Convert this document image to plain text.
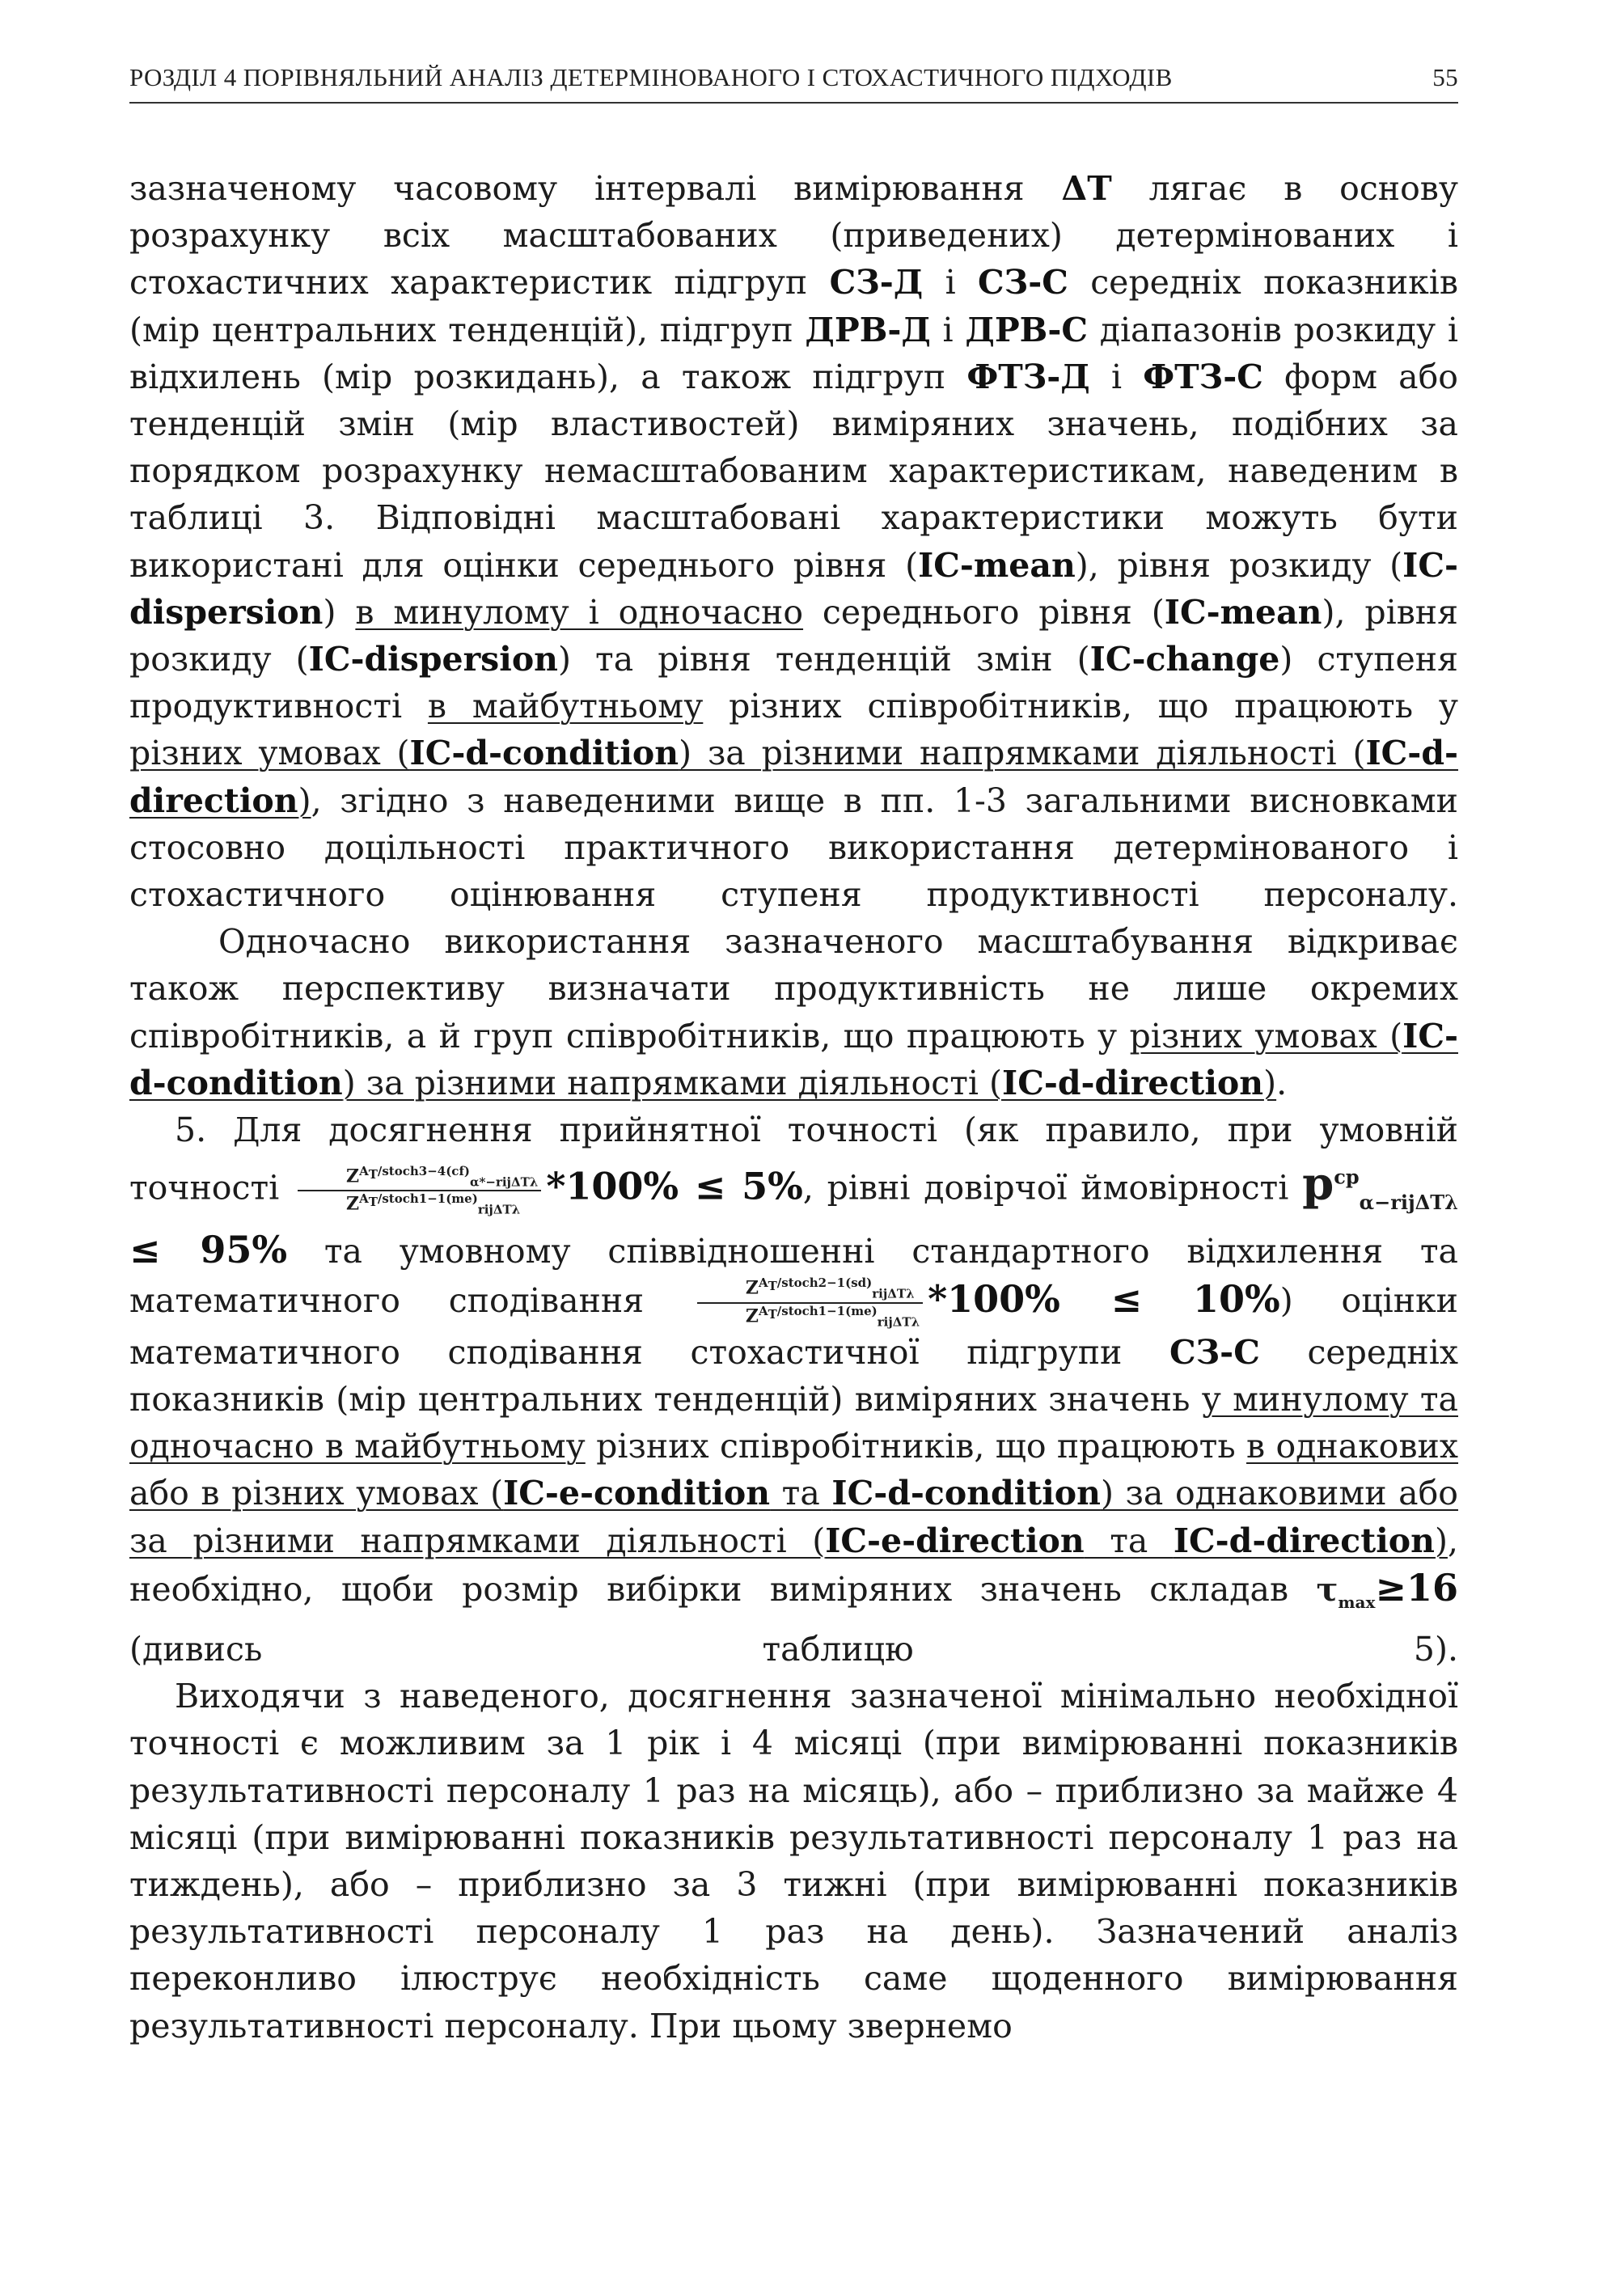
РОЗДІЛ 4 ПОРІВНЯЛЬНИЙ АНАЛІЗ ДЕТЕРМІНОВАНОГО І СТОХАСТИЧНОГО ПІДХОДІВ	55

зазначеному часовому інтервалі вимірювання ΔT лягає в основу розрахунку всіх масштабованих (приведених) детермінованих і стохастичних характеристик підгруп СЗ-Д і СЗ-С середніх показників (мір центральних тенденцій), підгруп ДРВ-Д і ДРВ-С діапазонів розкиду і відхилень (мір розкидань), а також підгруп ФТЗ-Д і ФТЗ-С форм або тенденцій змін (мір властивостей) виміряних значень, подібних за порядком розрахунку немасштабованим характеристикам, наведеним в таблиці 3. Відповідні масштабовані характеристики можуть бути використані для оцінки середнього рівня (IC-mean), рівня розкиду (IC-dispersion) в минулому і одночасно середнього рівня (IC-mean), рівня розкиду (IC-dispersion) та рівня тенденцій змін (IC-change) ступеня продуктивності в майбутньому різних співробітників, що працюють у різних умовах (IC-d-condition) за різними напрямками діяльності (IC-d-direction), згідно з наведеними вище в пп. 1-3 загальними висновками стосовно доцільності практичного використання детермінованого і стохастичного оцінювання ступеня продуктивності персоналу.

Одночасно використання зазначеного масштабування відкриває також перспективу визначати продуктивність не лише окремих співробітників, а й груп співробітників, що працюють у різних умовах (IC-d-condition) за різними напрямками діяльності (IC-d-direction).

5. Для досягнення прийнятної точності (як правило, при умовній точності $\frac{Z^{A_T/stoch3-4(cf)}_{\alpha*-rij\Delta T\lambda}}{Z^{A_T/stoch1-1(me)}_{rij\Delta T\lambda}} *100\% \le 5\%$, рівні довірчої ймовірності $p^{cp}_{\alpha-rij\Delta T\lambda} \le 95\%$ та умовному співвідношенні стандартного відхилення та математичного сподівання $\frac{Z^{A_T/stoch2-1(sd)}_{rij\Delta T\lambda}}{Z^{A_T/stoch1-1(me)}_{rij\Delta T\lambda}} *100\% \le 10\%$) оцінки математичного сподівання стохастичної підгрупи СЗ-С середніх показників (мір центральних тенденцій) виміряних значень у минулому та одночасно в майбутньому різних співробітників, що працюють в однакових або в різних умовах (IC-e-condition та IC-d-condition) за однаковими або за різними напрямками діяльності (IC-e-direction та IC-d-direction), необхідно, щоби розмір вибірки виміряних значень складав $\tau_{max}\ge 16$ (дивись таблицю 5).

Виходячи з наведеного, досягнення зазначеної мінімально необхідної точності є можливим за 1 рік і 4 місяці (при вимірюванні показників результативності персоналу 1 раз на місяць), або – приблизно за майже 4 місяці (при вимірюванні показників результативності персоналу 1 раз на тиждень), або – приблизно за 3 тижні (при вимірюванні показників результативності персоналу 1 раз на день). Зазначений аналіз переконливо ілюструє необхідність саме щоденного вимірювання результативності персоналу. При цьому звернемо
